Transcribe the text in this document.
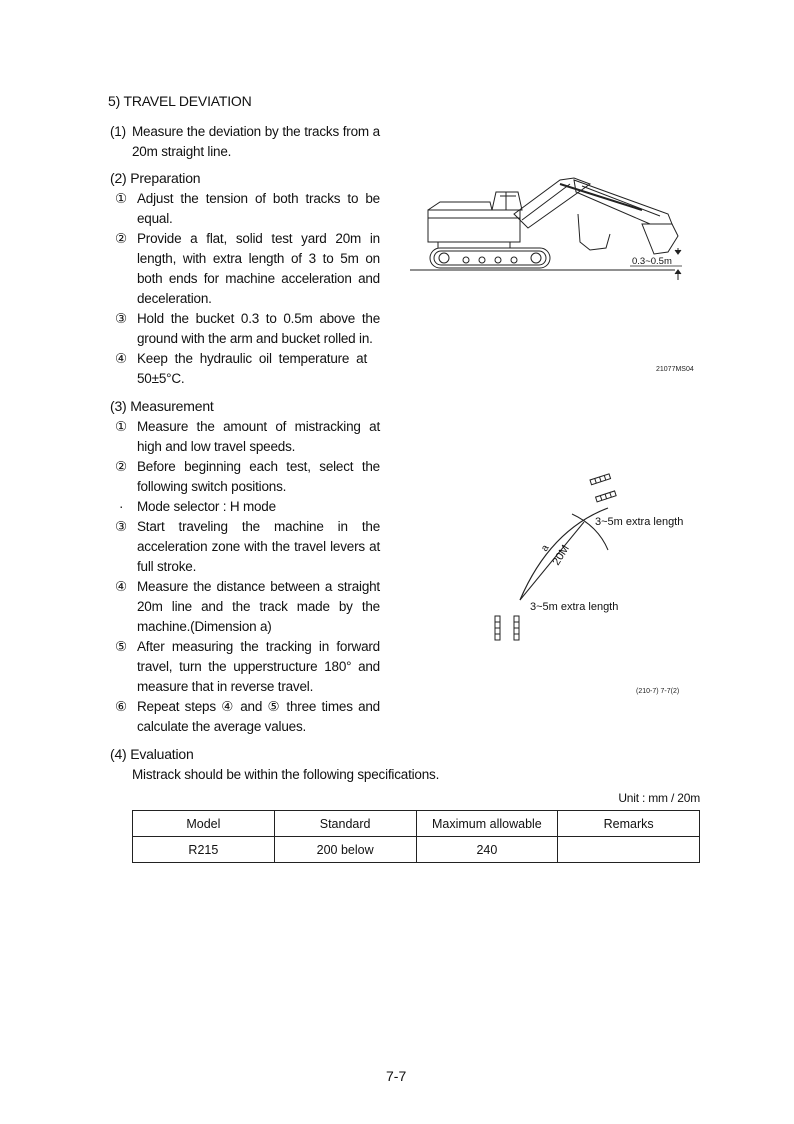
5) TRAVEL DEVIATION
(1) Measure the deviation by the tracks from a 20m straight line.
(2) Preparation
① Adjust the tension of both tracks to be equal.
② Provide a flat, solid test yard 20m in length, with extra length of 3 to 5m on both ends for machine acceleration and deceleration.
③ Hold the bucket 0.3 to 0.5m above the ground with the arm and bucket rolled in.
④ Keep the hydraulic oil temperature at 50±5°C.
(3) Measurement
① Measure the amount of mistracking at high and low travel speeds.
② Before beginning each test, select the following switch positions.
·	Mode selector : H mode
③ Start traveling the machine in the acceleration zone with the travel levers at full stroke.
④ Measure the distance between a straight 20m line and the track made by the machine.(Dimension a)
⑤ After measuring the tracking in forward travel, turn the upperstructure 180° and measure that in reverse travel.
⑥ Repeat steps ④ and ⑤ three times and calculate the average values.
(4) Evaluation
Mistrack should be within the following specifications.
Unit : mm / 20m
Model	Standard	Maximum allowable	Remarks
R215	200 below	240	
0.3~0.5m
21077MS04
3~5m extra length
3~5m extra length
20M
a
(210-7) 7-7(2)
7-7
